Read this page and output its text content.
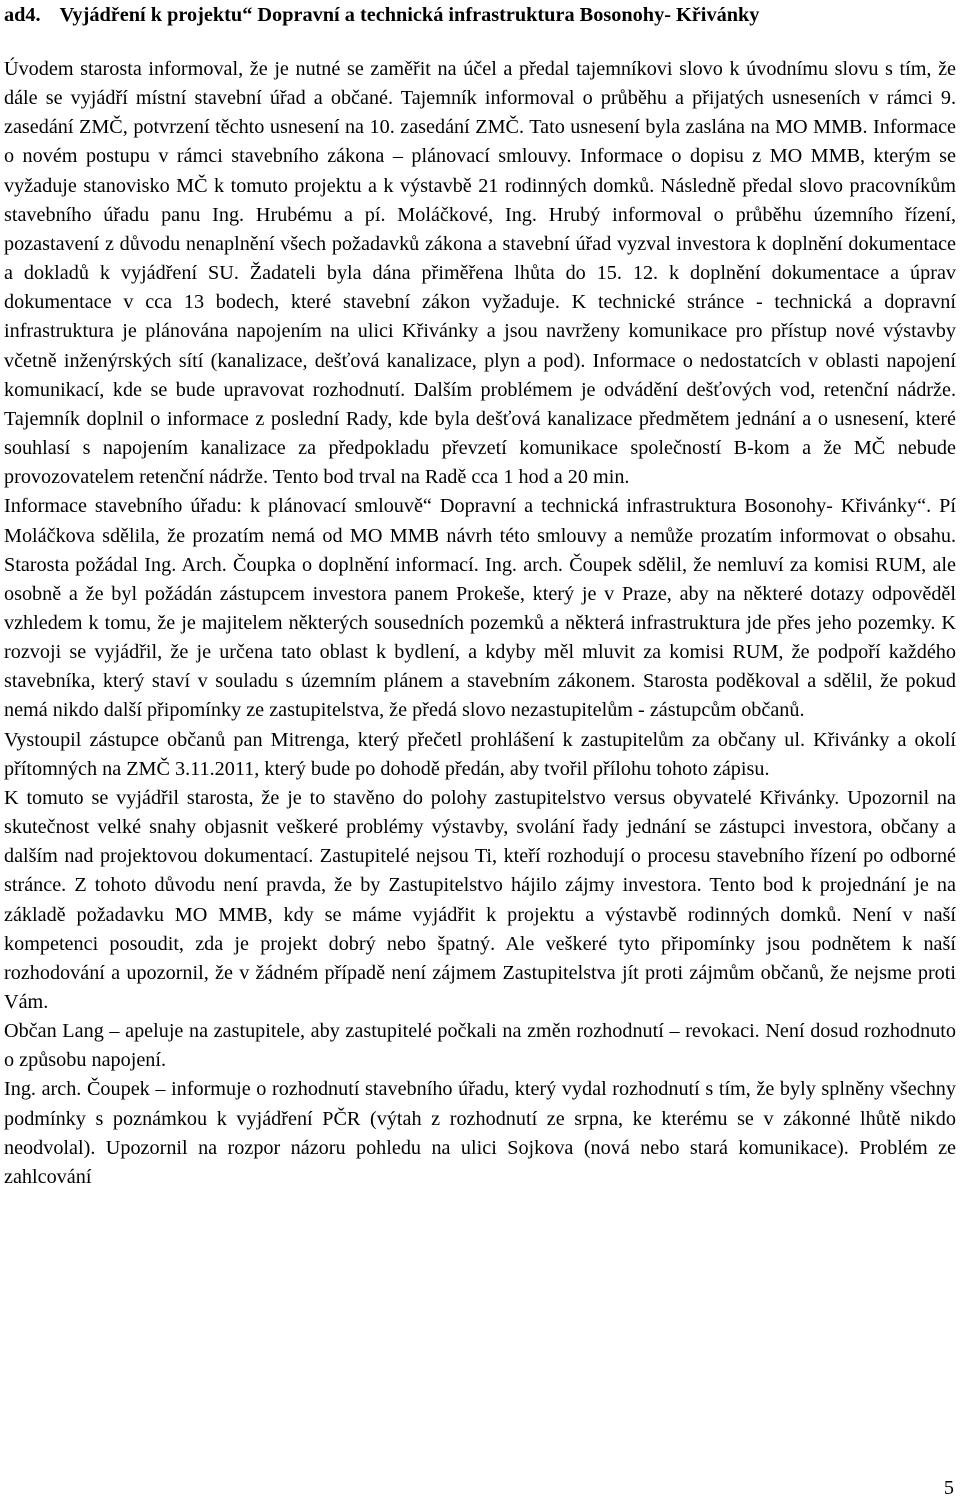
ad4. Vyjádření k projektu“ Dopravní a technická infrastruktura Bosonohy- Křivánky

Úvodem starosta informoval, že je nutné se zaměřit na účel a předal tajemníkovi slovo k úvodnímu slovu s tím, že dále se vyjádří místní stavební úřad a občané. Tajemník informoval o průběhu a přijatých usneseních v rámci 9. zasedání ZMČ, potvrzení těchto usnesení na 10. zasedání ZMČ. Tato usnesení byla zaslána na MO MMB. Informace o novém postupu v rámci stavebního zákona – plánovací smlouvy. Informace o dopisu z MO MMB, kterým se vyžaduje stanovisko MČ k tomuto projektu a k výstavbě 21 rodinných domků. Následně předal slovo pracovníkům stavebního úřadu panu Ing. Hrubému a pí. Moláčkové, Ing. Hrubý informoval o průběhu územního řízení, pozastavení z důvodu nenaplnění všech požadavků zákona a stavební úřad vyzval investora k doplnění dokumentace a dokladů k vyjádření SU. Žadateli byla dána přiměřena lhůta do 15. 12. k doplnění dokumentace a úprav dokumentace v cca 13 bodech, které stavební zákon vyžaduje. K technické stránce - technická a dopravní infrastruktura je plánována napojením na ulici Křivánky a jsou navrženy komunikace pro přístup nové výstavby včetně inženýrských sítí (kanalizace, dešťová kanalizace, plyn a pod). Informace o nedostatcích v oblasti napojení komunikací, kde se bude upravovat rozhodnutí. Dalším problémem je odvádění dešťových vod, retenční nádrže. Tajemník doplnil o informace z poslední Rady, kde byla dešťová kanalizace předmětem jednání a o usnesení, které souhlasí s napojením kanalizace za předpokladu převzetí komunikace společností B-kom a že MČ nebude provozovatelem retenční nádrže. Tento bod trval na Radě cca 1 hod a 20 min.

Informace stavebního úřadu: k plánovací smlouvě“ Dopravní a technická infrastruktura Bosonohy- Křivánky“. Pí Moláčkova sdělila, že prozatím nemá od MO MMB návrh této smlouvy a nemůže prozatím informovat o obsahu. Starosta požádal Ing. Arch. Čoupka o doplnění informací. Ing. arch. Čoupek sdělil, že nemluví za komisi RUM, ale osobně a že byl požádán zástupcem investora panem Prokeše, který je v Praze, aby na některé dotazy odpověděl vzhledem k tomu, že je majitelem některých sousedních pozemků a některá infrastruktura jde přes jeho pozemky. K rozvoji se vyjádřil, že je určena tato oblast k bydlení, a kdyby měl mluvit za komisi RUM, že podpoří každého stavebníka, který staví v souladu s územním plánem a stavebním zákonem. Starosta poděkoval a sdělil, že pokud nemá nikdo další připomínky ze zastupitelstva, že předá slovo nezastupitelům - zástupcům občanů.

Vystoupil zástupce občanů pan Mitrenga, který přečetl prohlášení k zastupitelům za občany ul. Křivánky a okolí přítomných na ZMČ 3.11.2011, který bude po dohodě předán, aby tvořil přílohu tohoto zápisu.

K tomuto se vyjádřil starosta, že je to stavěno do polohy zastupitelstvo versus obyvatelé Křivánky. Upozornil na skutečnost velké snahy objasnit veškeré problémy výstavby, svolání řady jednání se zástupci investora, občany a dalším nad projektovou dokumentací. Zastupitelé nejsou Ti, kteří rozhodují o procesu stavebního řízení po odborné stránce. Z tohoto důvodu není pravda, že by Zastupitelstvo hájilo zájmy investora. Tento bod k projednání je na základě požadavku MO MMB, kdy se máme vyjádřit k projektu a výstavbě rodinných domků. Není v naší kompetenci posoudit, zda je projekt dobrý nebo špatný. Ale veškeré tyto připomínky jsou podnětem k naší rozhodování a upozornil, že v žádném případě není zájmem Zastupitelstva jít proti zájmům občanů, že nejsme proti Vám.

Občan Lang – apeluje na zastupitele, aby zastupitelé počkali na změn rozhodnutí – revokaci. Není dosud rozhodnuto o způsobu napojení.

Ing. arch. Čoupek – informuje o rozhodnutí stavebního úřadu, který vydal rozhodnutí s tím, že byly splněny všechny podmínky s poznámkou k vyjádření PČR (výtah z rozhodnutí ze srpna, ke kterému se v zákonné lhůtě nikdo neodvolal). Upozornil na rozpor názoru pohledu na ulici Sojkova (nová nebo stará komunikace). Problém ze zahlcování

5
